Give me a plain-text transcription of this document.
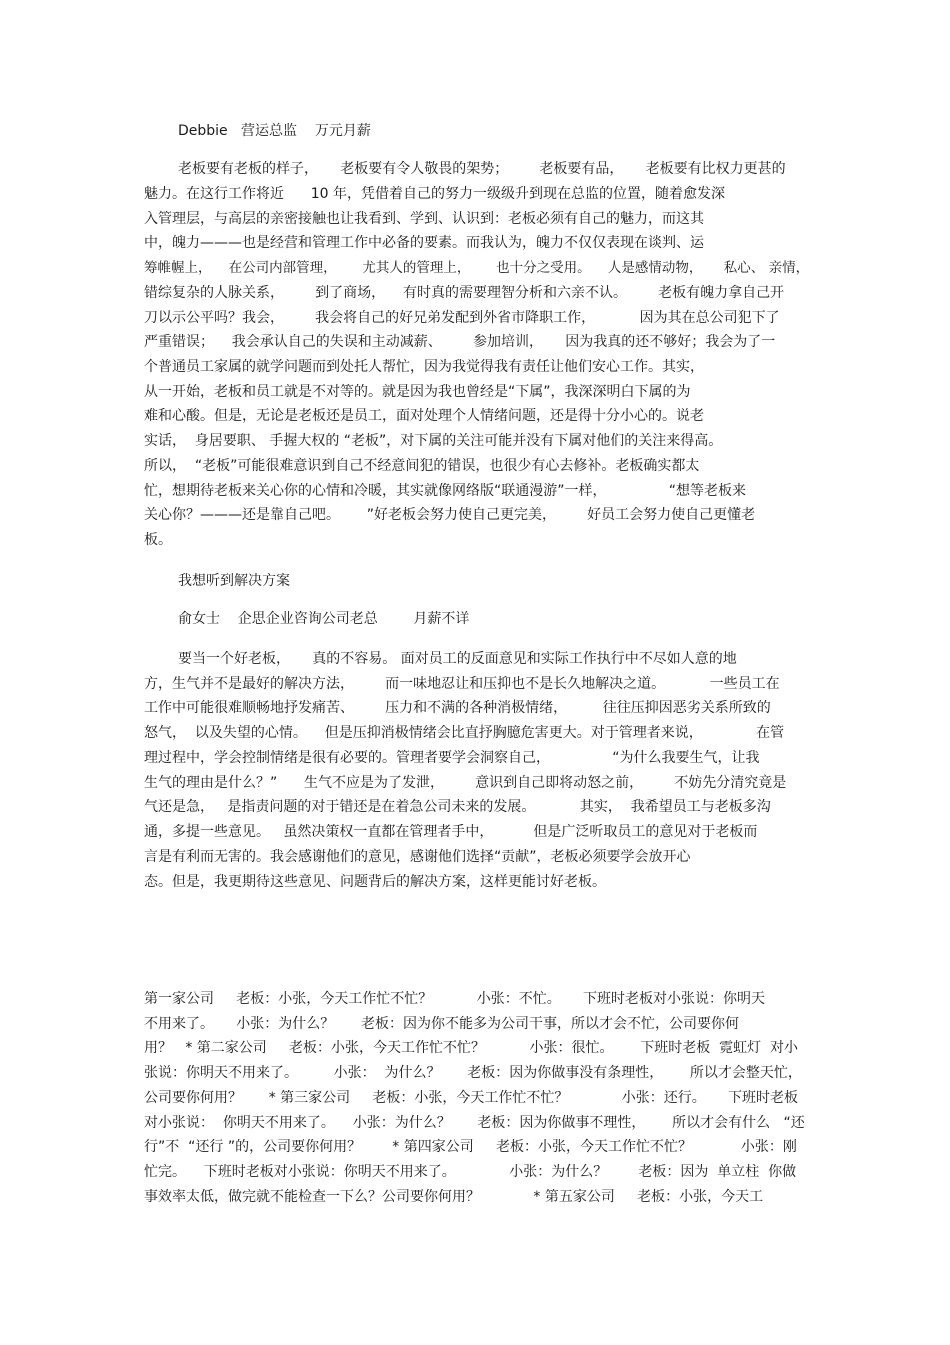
Debbie   营运总监    万元月薪
老板要有老板的样子，     老板要有令人敬畏的架势；       老板要有品，     老板要有比权力更甚的
魅力。在这行工作将近      10 年，凭借着自己的努力一级级升到现在总监的位置，随着愈发深
入管理层，与高层的亲密接触也让我看到、学到、认识到：老板必须有自己的魅力，而这其
中，魄力———也是经营和管理工作中必备的要素。而我认为，魄力不仅仅表现在谈判、运
筹帷幄上，    在公司内部管理，      尤其人的管理上，      也十分之受用。    人是感情动物，     私心、 亲情，
错综复杂的人脉关系，       到了商场，    有时真的需要理智分析和六亲不认。       老板有魄力拿自己开
刀以示公平吗？我会，       我会将自己的好兄弟发配到外省市降职工作，          因为其在总公司犯下了
严重错误；    我会承认自己的失误和主动减薪、       参加培训，     因为我真的还不够好；我会为了一
个普通员工家属的就学问题而到处托人帮忙，因为我觉得我有责任让他们安心工作。其实，
从一开始，老板和员工就是不对等的。就是因为我也曾经是“下属”，我深深明白下属的为
难和心酸。但是，无论是老板还是员工，面对处理个人情绪问题，还是得十分小心的。说老
实话，  身居要职、 手握大权的 “老板”，对下属的关注可能并没有下属对他们的关注来得高。
所以，  “老板”可能很难意识到自己不经意间犯的错误，也很少有心去修补。老板确实都太
忙，想期待老板来关心你的心情和冷暖，其实就像网络版“联通漫游”一样，              “想等老板来
关心你？———还是靠自己吧。      ”好老板会努力使自己更完美，       好员工会努力使自己更懂老
板。
我想听到解决方案
俞女士    企思企业咨询公司老总        月薪不详
要当一个好老板，     真的不容易。 面对员工的反面意见和实际工作执行中不尽如人意的地
方，生气并不是最好的解决方法，       而一味地忍让和压抑也不是长久地解决之道。          一些员工在
工作中可能很难顺畅地抒发痛苦、       压力和不满的各种消极情绪，        往往压抑因恶劣关系所致的
怒气，  以及失望的心情。    但是压抑消极情绪会比直抒胸臆危害更大。对于管理者来说，            在管
理过程中，学会控制情绪是很有必要的。管理者要学会洞察自己，              “为什么我要生气，让我
生气的理由是什么？”      生气不应是为了发泄，       意识到自己即将动怒之前，       不妨先分清究竟是
气还是急，   是指责问题的对于错还是在着急公司未来的发展。          其实，  我希望员工与老板多沟
通，多提一些意见。   虽然决策权一直都在管理者手中，         但是广泛听取员工的意见对于老板而
言是有利而无害的。我会感谢他们的意见，感谢他们选择“贡献”，老板必须要学会放开心
态。但是，我更期待这些意见、问题背后的解决方案，这样更能讨好老板。
第一家公司     老板：小张，今天工作忙不忙？          小张：不忙。     下班时老板对小张说：你明天
不用来了。     小张：为什么？      老板：因为你不能多为公司干事，所以才会不忙，公司要你何
用？   * 第二家公司     老板：小张，今天工作忙不忙？          小张：很忙。      下班时老板  霓虹灯  对小
张说：你明天不用来了。        小张：  为什么？      老板：因为你做事没有条理性，      所以才会整天忙，
公司要你何用？      * 第三家公司     老板：小张，今天工作忙不忙？            小张：还行。     下班时老板
对小张说：  你明天不用来了。    小张：为什么？      老板：因为你做事不理性，      所以才会有什么   “还
行”不  “还行 ”的，公司要你何用？       * 第四家公司     老板：小张，今天工作忙不忙？           小张：刚
忙完。    下班时老板对小张说：你明天不用来了。            小张：为什么？       老板：因为  单立柱  你做
事效率太低，做完就不能检查一下么？公司要你何用？            * 第五家公司     老板：小张，今天工
